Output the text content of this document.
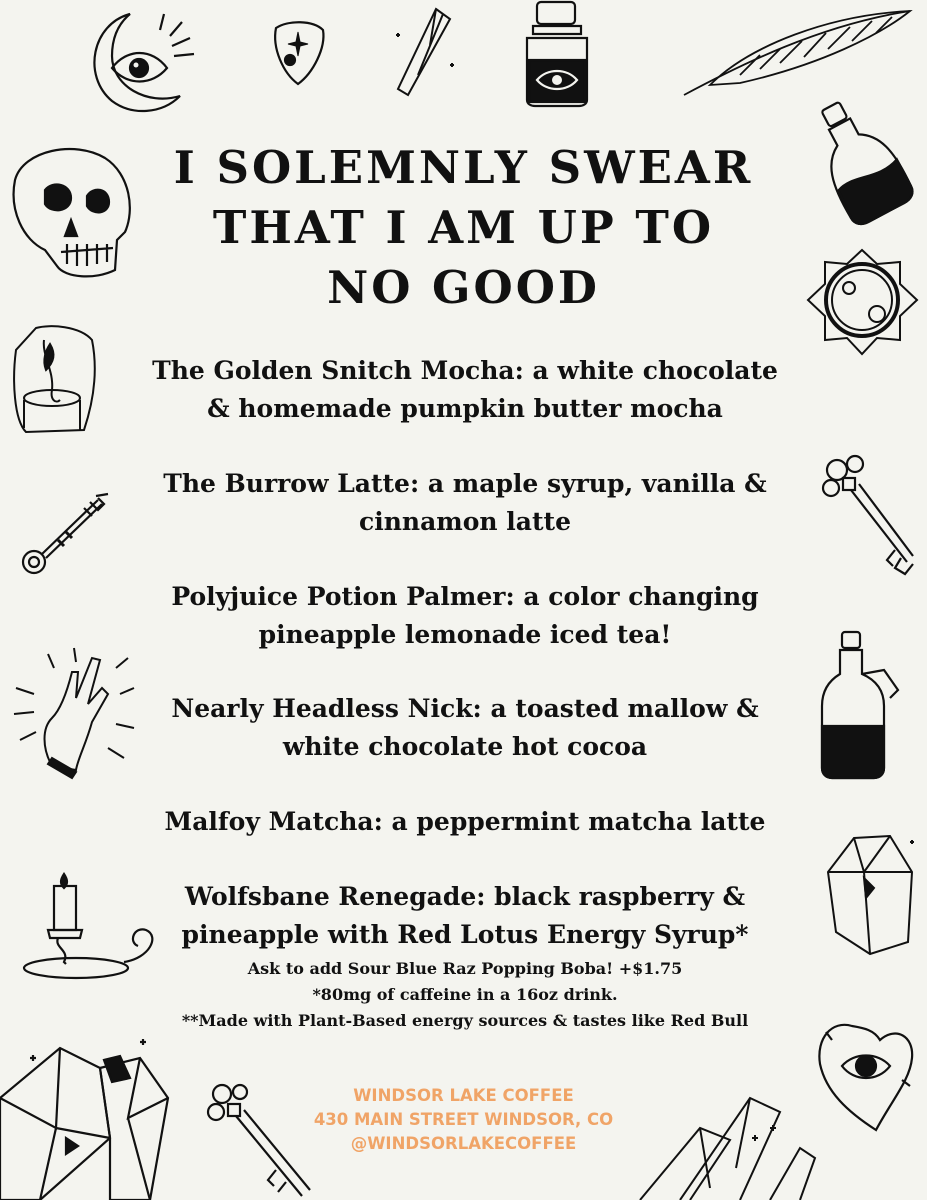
I SOLEMNLY SWEAR
THAT I AM UP TO
NO GOOD
The Golden Snitch Mocha: a white chocolate
& homemade pumpkin butter mocha
The Burrow Latte: a maple syrup, vanilla &
cinnamon latte
Polyjuice Potion Palmer: a color changing
pineapple lemonade iced tea!
Nearly Headless Nick: a toasted mallow &
white chocolate hot cocoa
Malfoy Matcha: a peppermint matcha latte
Wolfsbane Renegade: black raspberry &
pineapple with Red Lotus Energy Syrup*
Ask to add Sour Blue Raz Popping Boba! +$1.75
*80mg of caffeine in a 16oz drink.
**Made with Plant-Based energy sources & tastes like Red Bull
WINDSOR LAKE COFFEE
430 MAIN STREET WINDSOR, CO
@WINDSORLAKECOFFEE
